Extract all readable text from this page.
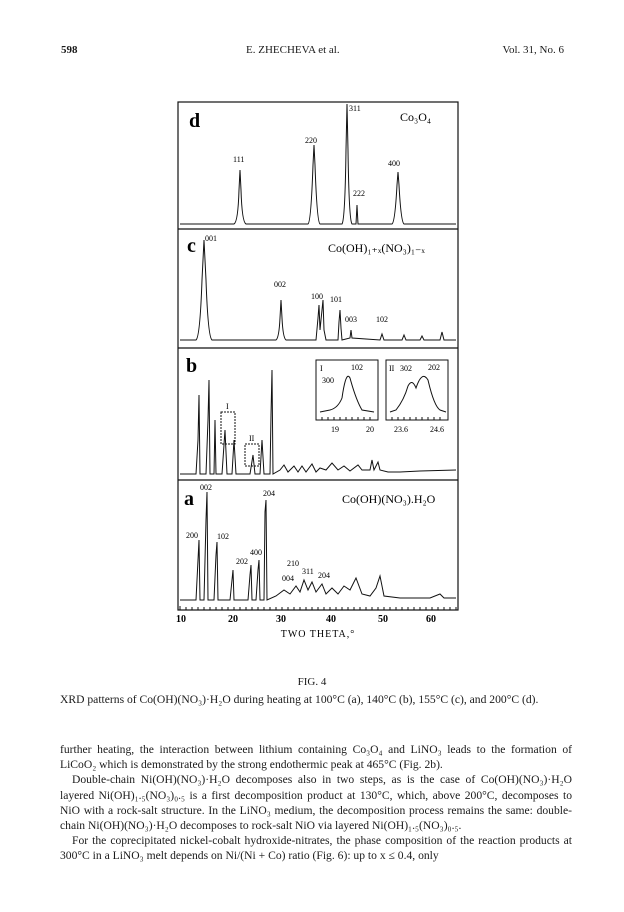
598	E. ZHECHEVA et al.	Vol. 31, No. 6
d	Co₃O₄
111
220
311
222
400
c	Co(OH)₁₊ₓ(NO₃)₁₋ₓ
001
002
100 101
003 102
b
I
II
I	102
300
19	20
II 302 202
23.6	24.6
a	Co(OH)(NO₃).H₂O
002
204
200 102
400
202	210
004
311 204
10	20	30	40	50	60
TWO THETA,°
FIG. 4
XRD patterns of Co(OH)(NO₃)·H₂O during heating at 100°C (a), 140°C (b), 155°C (c), and 200°C (d).

further heating, the interaction between lithium containing Co₃O₄ and LiNO₃ leads to the formation of LiCoO₂ which is demonstrated by the strong endothermic peak at 465°C (Fig. 2b).

Double-chain Ni(OH)(NO₃)·H₂O decomposes also in two steps, as is the case of Co(OH)(NO₃)·H₂O layered Ni(OH)₁.₅(NO₃)₀.₅ is a first decomposition product at 130°C, which, above 200°C, decomposes to NiO with a rock-salt structure. In the LiNO₃ medium, the decomposition process remains the same: double-chain Ni(OH)(NO₃)·H₂O decomposes to rock-salt NiO via layered Ni(OH)₁.₅(NO₃)₀.₅.

For the coprecipitated nickel-cobalt hydroxide-nitrates, the phase composition of the reaction products at 300°C in a LiNO₃ melt depends on Ni/(Ni + Co) ratio (Fig. 6): up to x ≤ 0.4, only
